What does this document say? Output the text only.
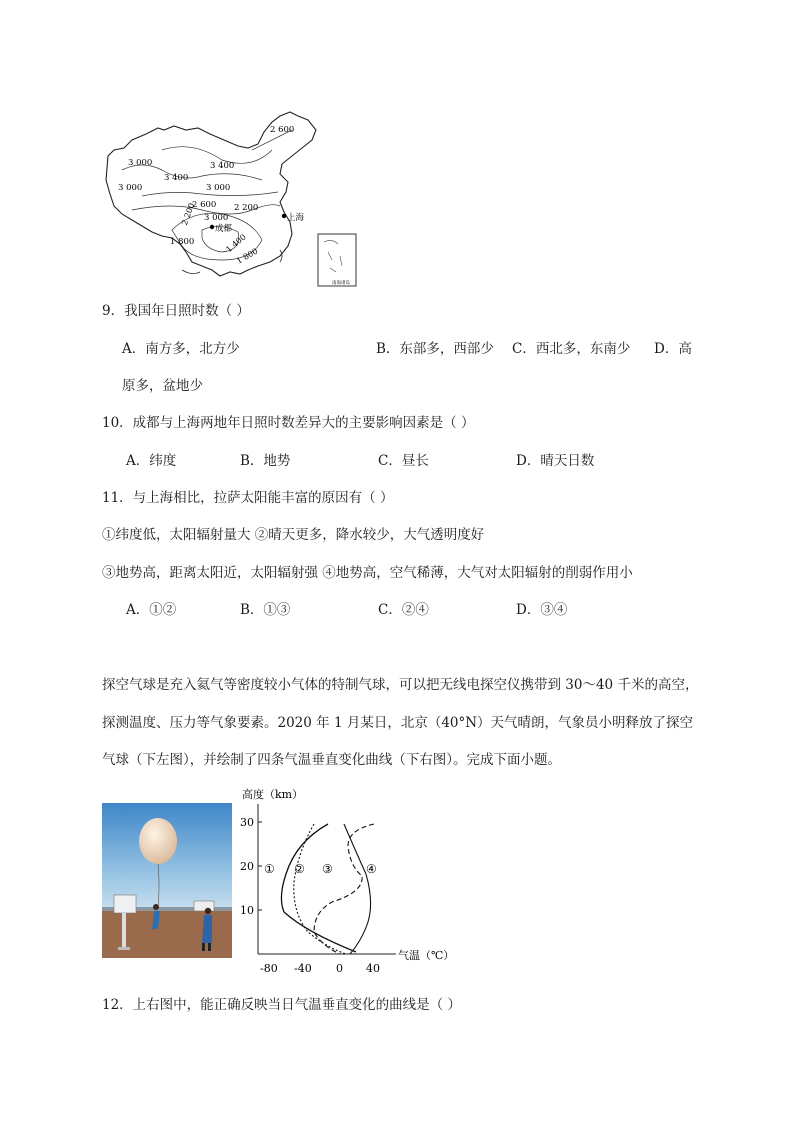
2 600
3 400
3 000
3 400
3 000
3 000
2 600 2 200
2 200
1 800	1 400
1 800
3 000	上海
成都
南海诸岛
9．我国年日照时数（ ）
A．南方多，北方少	B．东部多，西部少 C．西北多，东南少 D．高
原多，盆地少
10．成都与上海两地年日照时数差异大的主要影响因素是（ ）
A．纬度	B．地势	C．昼长	D．晴天日数
11．与上海相比，拉萨太阳能丰富的原因有（ ）
①纬度低，太阳辐射量大 ②晴天更多，降水较少，大气透明度好
③地势高，距离太阳近，太阳辐射强 ④地势高，空气稀薄，大气对太阳辐射的削弱作用小
A．①②	B．①③	C．②④	D．③④
探空气球是充入氦气等密度较小气体的特制气球，可以把无线电探空仪携带到 30～40 千米的高空，
探测温度、压力等气象要素。2020 年 1 月某日，北京（40°N）天气晴朗，气象员小明释放了探空
气球（下左图），并绘制了四条气温垂直变化曲线（下右图）。完成下面小题。
高度（km）
30
20
10
-80 -40 0 40
气温（℃）
① ② ③	④
12．上右图中，能正确反映当日气温垂直变化的曲线是（ ）
